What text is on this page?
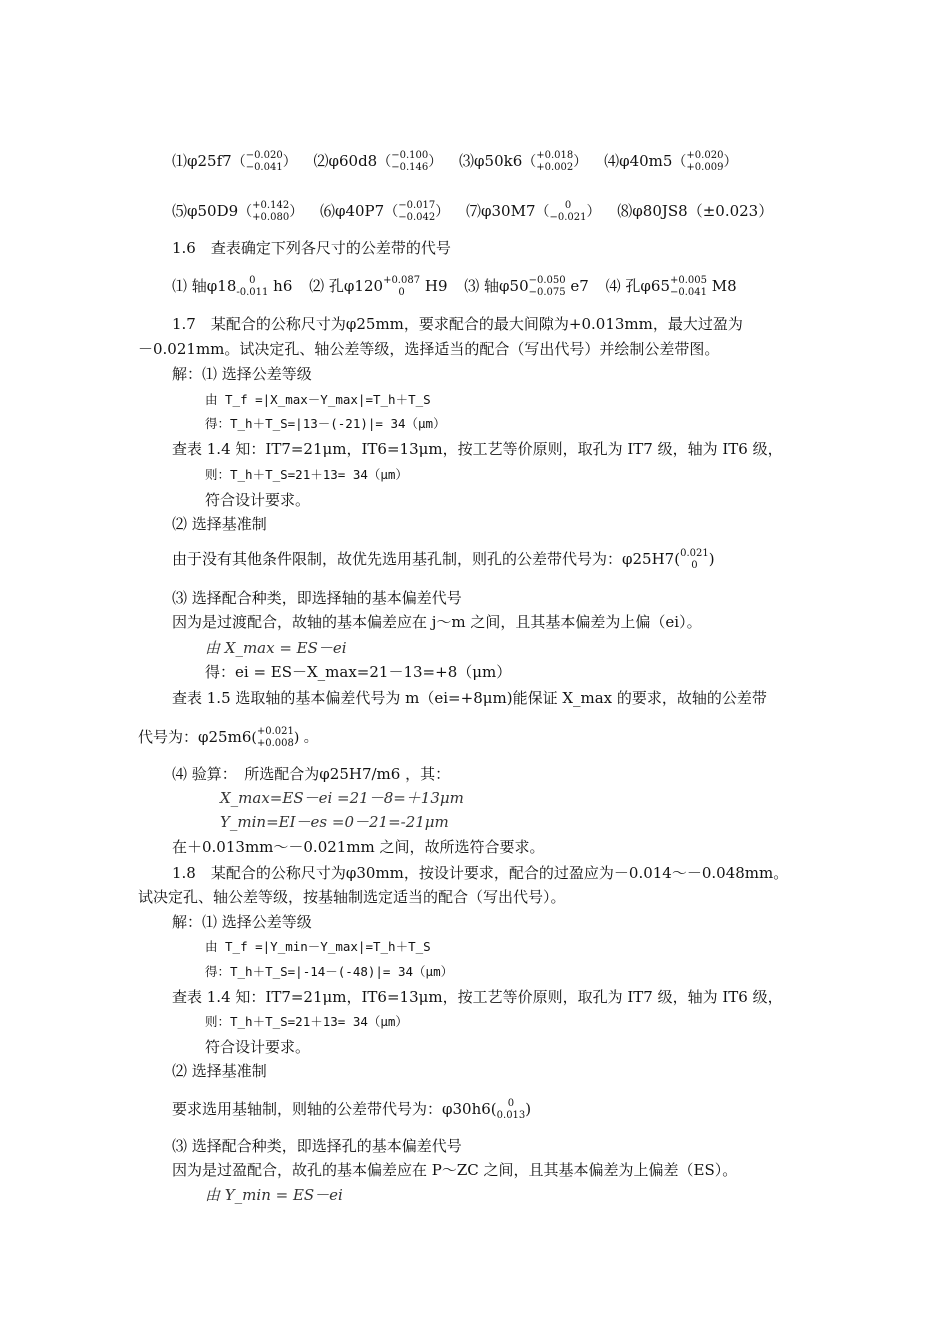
⑴φ25f7（ −0.020
−0.041 ） ⑵φ60d8（ −0.100
−0.146 ） ⑶φ50k6（ +0.018
+0.002 ） ⑷φ40m5（ +0.020
+0.009 ）
⑸φ50D9（ +0.142
+0.080 ） ⑹φ40P7（ −0.017
−0.042 ） ⑺φ30M7（	0
−0.021 ） ⑻φ80JS8（±0.023）
1.6　查表确定下列各尺寸的公差带的代号
⑴ 轴φ18	0
-0.011 h6 ⑵ 孔φ120 +0.087
0	H9 ⑶ 轴φ50 −0.050
−0.075 e7 ⑷ 孔φ65 +0.005
−0.041 M8
1.7　某配合的公称尺寸为φ25mm，要求配合的最大间隙为+0.013mm，最大过盈为
－0.021mm。试决定孔、轴公差等级，选择适当的配合（写出代号）并绘制公差带图。
解：⑴ 选择公差等级
由 T_f =|X_max－Y_max|=T_h＋T_S
得：T_h＋T_S=|13－(-21)|= 34（μm）
查表 1.4 知：IT7=21μm，IT6=13μm，按工艺等价原则，取孔为 IT7 级，轴为 IT6 级，
则：T_h＋T_S=21＋13= 34（μm）
符合设计要求。
⑵ 选择基准制
由于没有其他条件限制，故优先选用基孔制，则孔的公差带代号为：φ25H7( 0.021
0 )
⑶ 选择配合种类，即选择轴的基本偏差代号
因为是过渡配合，故轴的基本偏差应在 j～m 之间，且其基本偏差为上偏（ei）。
由 X_max = ES－ei
得：ei = ES－X_max=21－13=+8（μm）
查表 1.5 选取轴的基本偏差代号为 m（ei=+8μm)能保证 X_max 的要求，故轴的公差带
代号为：φ25m6( +0.021
+0.008 ) 。
⑷ 验算：　所选配合为φ25H7/m6 ，其：
X_max=ES－ei =21－8=＋13μm
Y_min=EI－es =0－21=-21μm
在＋0.013mm～－0.021mm 之间，故所选符合要求。
1.8　某配合的公称尺寸为φ30mm，按设计要求，配合的过盈应为－0.014～－0.048mm。
试决定孔、轴公差等级，按基轴制选定适当的配合（写出代号）。
解：⑴ 选择公差等级
由 T_f =|Y_min－Y_max|=T_h＋T_S
得：T_h＋T_S=|-14－(-48)|= 34（μm）
查表 1.4 知：IT7=21μm，IT6=13μm，按工艺等价原则，取孔为 IT7 级，轴为 IT6 级，
则：T_h＋T_S=21＋13= 34（μm）
符合设计要求。
⑵ 选择基准制
要求选用基轴制，则轴的公差带代号为：φ30h6(	0
0.013 )
⑶ 选择配合种类，即选择孔的基本偏差代号
因为是过盈配合，故孔的基本偏差应在 P～ZC 之间，且其基本偏差为上偏差（ES）。
由 Y_min = ES－ei
